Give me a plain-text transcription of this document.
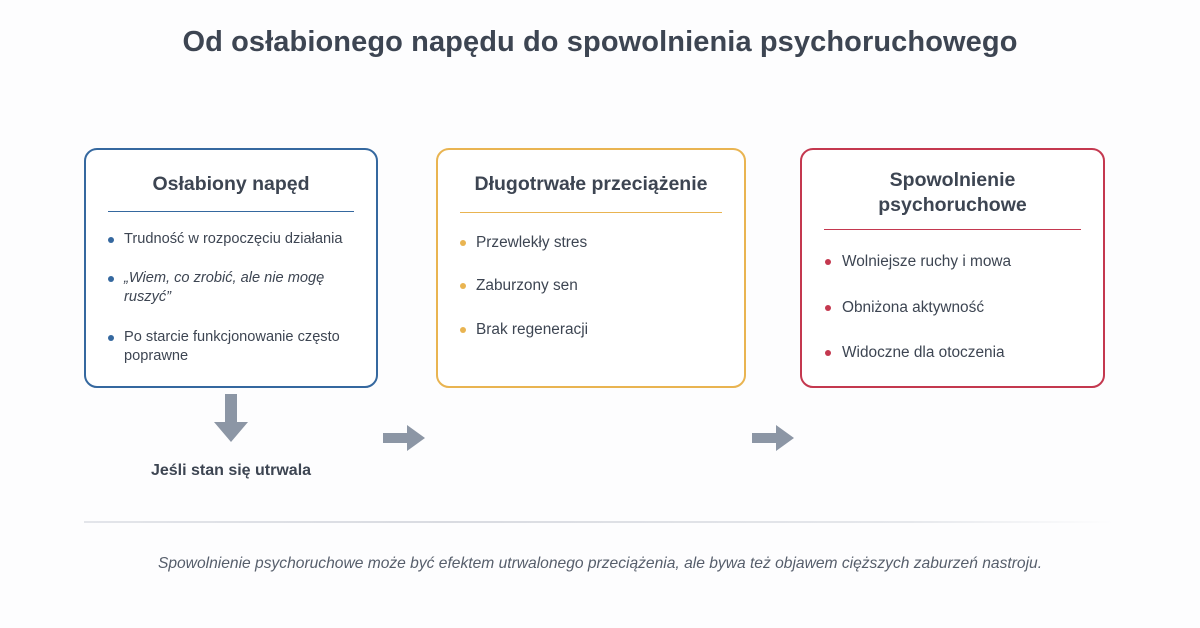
Od osłabionego napędu do spowolnienia psychoruchowego
Osłabiony napęd
Trudność w rozpoczęciu działania
„Wiem, co zrobić, ale nie mogę ruszyć”
Po starcie funkcjonowanie często poprawne
Długotrwałe przeciążenie
Przewlekły stres
Zaburzony sen
Brak regeneracji
Spowolnienie psychoruchowe
Wolniejsze ruchy i mowa
Obniżona aktywność
Widoczne dla otoczenia
Jeśli stan się utrwala
Spowolnienie psychoruchowe może być efektem utrwalonego przeciążenia, ale bywa też objawem cięższych zaburzeń nastroju.
